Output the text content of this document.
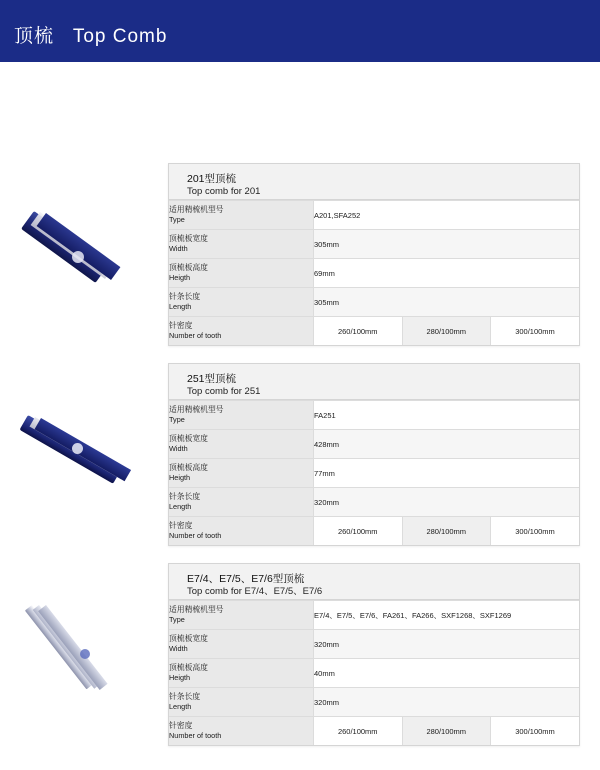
顶梳 Top Comb
201型顶梳
Top comb for 201
适用精梳机型号
Type	A201,SFA252		

顶梳板宽度
Width	305mm		

顶梳板高度
Heigth	69mm		

针条长度
Length	305mm		

针密度
Number of tooth	260/100mm	280/100mm	300/100mm
251型顶梳
Top comb for 251
适用精梳机型号
Type	FA251		

顶梳板宽度
Width	428mm		

顶梳板高度
Heigth	77mm		

针条长度
Length	320mm		

针密度
Number of tooth	260/100mm	280/100mm	300/100mm
E7/4、E7/5、E7/6型顶梳
Top comb for E7/4、E7/5、E7/6
适用精梳机型号
Type	E7/4、E7/5、E7/6、FA261、FA266、SXF1268、SXF1269		

顶梳板宽度
Width	320mm		

顶梳板高度
Heigth	40mm		

针条长度
Length	320mm		

针密度
Number of tooth	260/100mm	280/100mm	300/100mm
